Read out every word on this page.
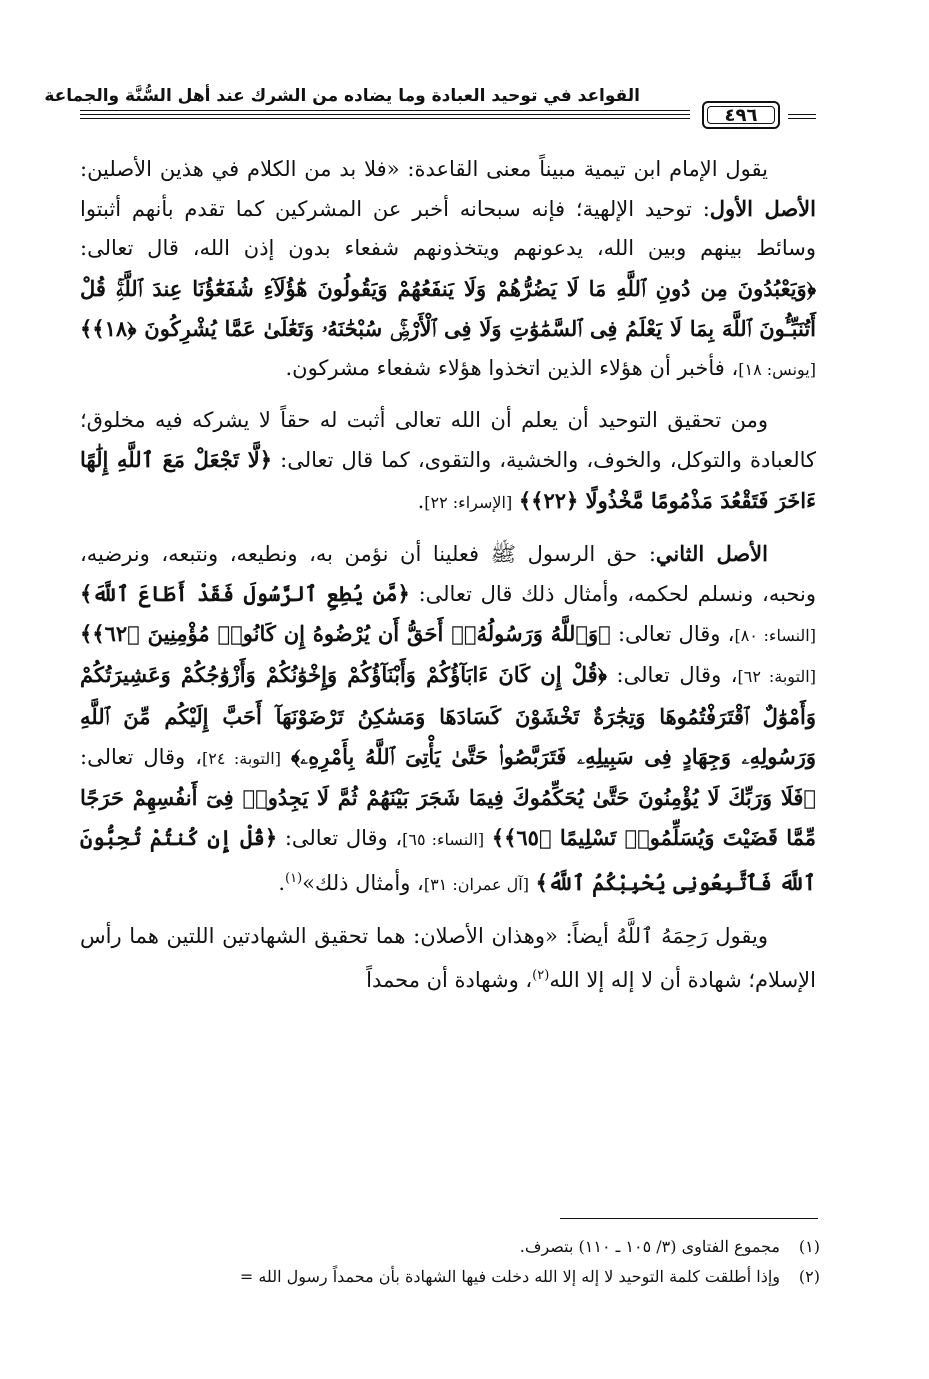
القواعد في توحيد العبادة وما يضاده من الشرك عند أهل السُّنَّة والجماعة
٤٩٦

يقول الإمام ابن تيمية مبيناً معنى القاعدة: «فلا بد من الكلام في هذين الأصلين: الأصل الأول: توحيد الإلهية؛ فإنه سبحانه أخبر عن المشركين كما تقدم بأنهم أثبتوا وسائط بينهم وبين الله، يدعونهم ويتخذونهم شفعاء بدون إذن الله، قال تعالى: ﴿وَيَعْبُدُونَ مِن دُونِ ٱللَّهِ مَا لَا يَضُرُّهُمْ وَلَا يَنفَعُهُمْ وَيَقُولُونَ هَٰٓؤُلَآءِ شُفَعَٰٓؤُنَا عِندَ ٱللَّهِۚ قُلْ أَتُنَبِّـُٔونَ ٱللَّهَ بِمَا لَا يَعْلَمُ فِى ٱلسَّمَٰوَٰتِ وَلَا فِى ٱلْأَرْضِۚ سُبْحَٰنَهُۥ وَتَعَٰلَىٰ عَمَّا يُشْرِكُونَ ﴿١٨﴾﴾ [يونس: ١٨]، فأخبر أن هؤلاء الذين اتخذوا هؤلاء شفعاء مشركون.

ومن تحقيق التوحيد أن يعلم أن الله تعالى أثبت له حقاً لا يشركه فيه مخلوق؛ كالعبادة والتوكل، والخوف، والخشية، والتقوى، كما قال تعالى: ﴿لَّا تَجْعَلْ مَعَ ٱللَّهِ إِلَٰهًا ءَاخَرَ فَتَقْعُدَ مَذْمُومًا مَّخْذُولًا ﴿٢٢﴾﴾ [الإسراء: ٢٢].

الأصل الثاني: حق الرسول ﷺ فعلينا أن نؤمن به، ونطيعه، ونتبعه، ونرضيه، ونحبه، ونسلم لحكمه، وأمثال ذلك قال تعالى: ﴿مَّن يُطِعِ ٱلرَّسُولَ فَقَدْ أَطَاعَ ٱللَّهَ﴾ [النساء: ٨٠]، وقال تعالى: ﴿وَٱللَّهُ وَرَسُولُهُۥٓ أَحَقُّ أَن يُرْضُوهُ إِن كَانُوا۟ مُؤْمِنِينَ ﴿٦٢﴾﴾ [التوبة: ٦٢]، وقال تعالى: ﴿قُلْ إِن كَانَ ءَابَآؤُكُمْ وَأَبْنَآؤُكُمْ وَإِخْوَٰنُكُمْ وَأَزْوَٰجُكُمْ وَعَشِيرَتُكُمْ وَأَمْوَٰلٌ ٱقْتَرَفْتُمُوهَا وَتِجَٰرَةٌ تَخْشَوْنَ كَسَادَهَا وَمَسَٰكِنُ تَرْضَوْنَهَآ أَحَبَّ إِلَيْكُم مِّنَ ٱللَّهِ وَرَسُولِهِۦ وَجِهَادٍ فِى سَبِيلِهِۦ فَتَرَبَّصُوا۟ حَتَّىٰ يَأْتِىَ ٱللَّهُ بِأَمْرِهِۦ﴾ [التوبة: ٢٤]، وقال تعالى: ﴿فَلَا وَرَبِّكَ لَا يُؤْمِنُونَ حَتَّىٰ يُحَكِّمُوكَ فِيمَا شَجَرَ بَيْنَهُمْ ثُمَّ لَا يَجِدُوا۟ فِىٓ أَنفُسِهِمْ حَرَجًا مِّمَّا قَضَيْتَ وَيُسَلِّمُوا۟ تَسْلِيمًا ﴿٦٥﴾﴾ [النساء: ٦٥]، وقال تعالى: ﴿قُلْ إِن كُنتُمْ تُحِبُّونَ ٱللَّهَ فَٱتَّبِعُونِى يُحْبِبْكُمُ ٱللَّهُ﴾ [آل عمران: ٣١]، وأمثال ذلك»$^{(١)}$.

ويقول رَحِمَهُ ٱللَّهُ أيضاً: «وهذان الأصلان: هما تحقيق الشهادتين اللتين هما رأس الإسلام؛ شهادة أن لا إله إلا الله$^{(٢)}$، وشهادة أن محمداً

(١)مجموع الفتاوى (٣/ ١٠٥ ـ ١١٠) بتصرف.
(٢)وإذا أطلقت كلمة التوحيد لا إله إلا الله دخلت فيها الشهادة بأن محمداً رسول الله =
